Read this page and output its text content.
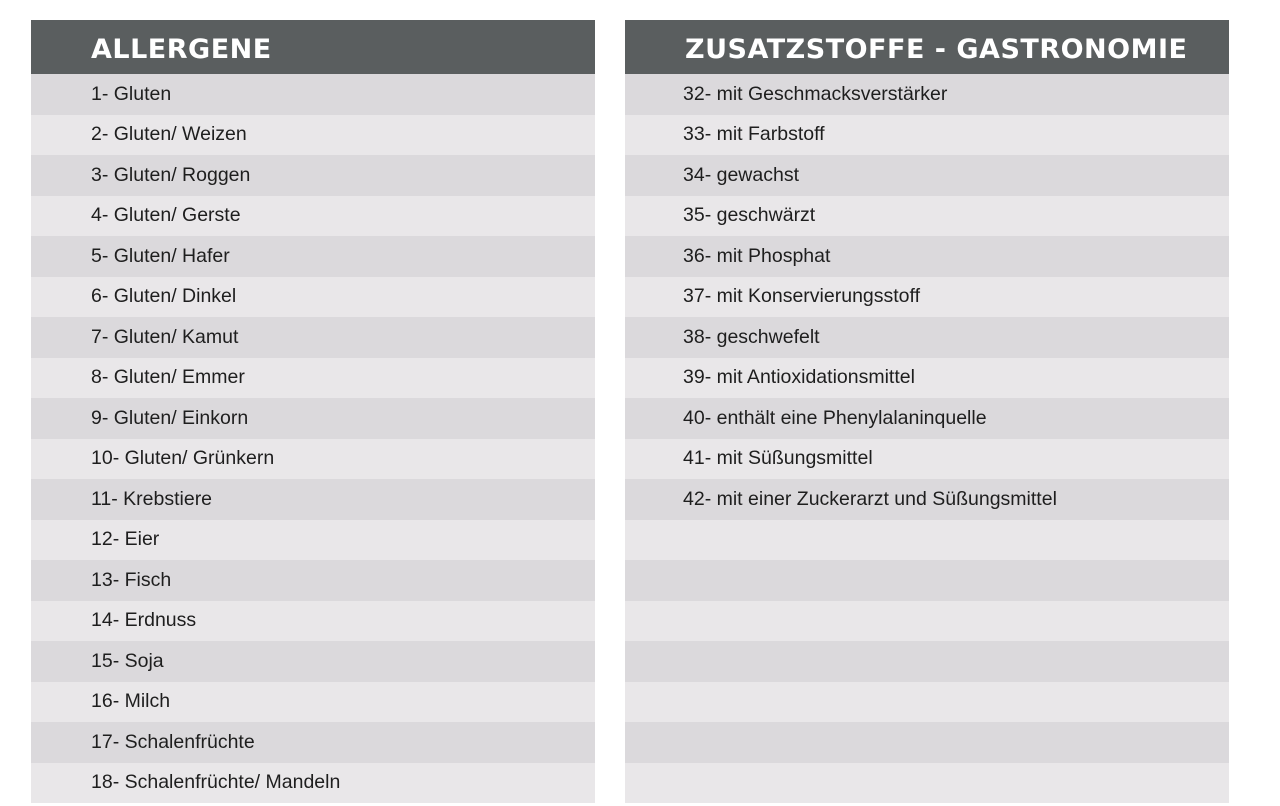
ALLERGENE
1- Gluten
2- Gluten/ Weizen
3- Gluten/ Roggen
4- Gluten/ Gerste
5- Gluten/ Hafer
6- Gluten/ Dinkel
7- Gluten/ Kamut
8- Gluten/ Emmer
9- Gluten/ Einkorn
10- Gluten/ Grünkern
11- Krebstiere
12- Eier
13- Fisch
14- Erdnuss
15- Soja
16- Milch
17- Schalenfrüchte
18- Schalenfrüchte/ Mandeln
ZUSATZSTOFFE - GASTRONOMIE
32- mit Geschmacksverstärker
33- mit Farbstoff
34- gewachst
35- geschwärzt
36- mit Phosphat
37- mit Konservierungsstoff
38- geschwefelt
39- mit Antioxidationsmittel
40- enthält eine Phenylalaninquelle
41- mit Süßungsmittel
42- mit einer Zuckerarzt und Süßungsmittel
